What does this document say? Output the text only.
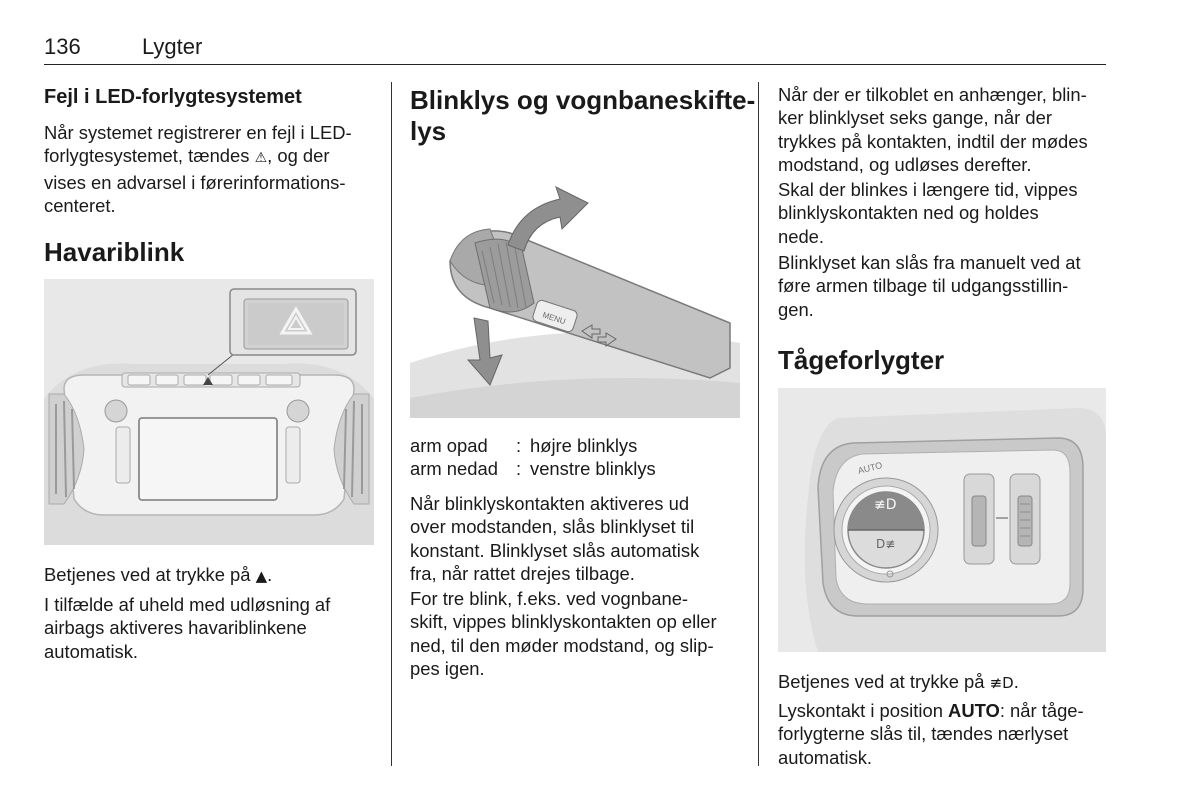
136	Lygter
Fejl i LED-forlygtesystemet
Når systemet registrerer en fejl i LED-
forlygtesystemet, tændes ⚠, og der
vises en advarsel i førerinformations-
centeret.
Havariblink
Betjenes ved at trykke på ▲.
I tilfælde af uheld med udløsning af
airbags aktiveres havariblinkene
automatisk.
Blinklys og vognbaneskifte-
lys
MENU
arm opad : højre blinklys
arm nedad : venstre blinklys
Når blinklyskontakten aktiveres ud
over modstanden, slås blinklyset til
konstant. Blinklyset slås automatisk
fra, når rattet drejes tilbage.
For tre blink, f.eks. ved vognbane-
skift, vippes blinklyskontakten op eller
ned, til den møder modstand, og slip-
pes igen.
Når der er tilkoblet en anhænger, blin-
ker blinklyset seks gange, når der
trykkes på kontakten, indtil der mødes
modstand, og udløses derefter.
Skal der blinkes i længere tid, vippes
blinklyskontakten ned og holdes
nede.
Blinklyset kan slås fra manuelt ved at
føre armen tilbage til udgangsstillin-
gen.
Tågeforlygter
≢D
D≢
AUTO
Betjenes ved at trykke på ≢D.
Lyskontakt i position AUTO: når tåge-
forlygterne slås til, tændes nærlyset
automatisk.
